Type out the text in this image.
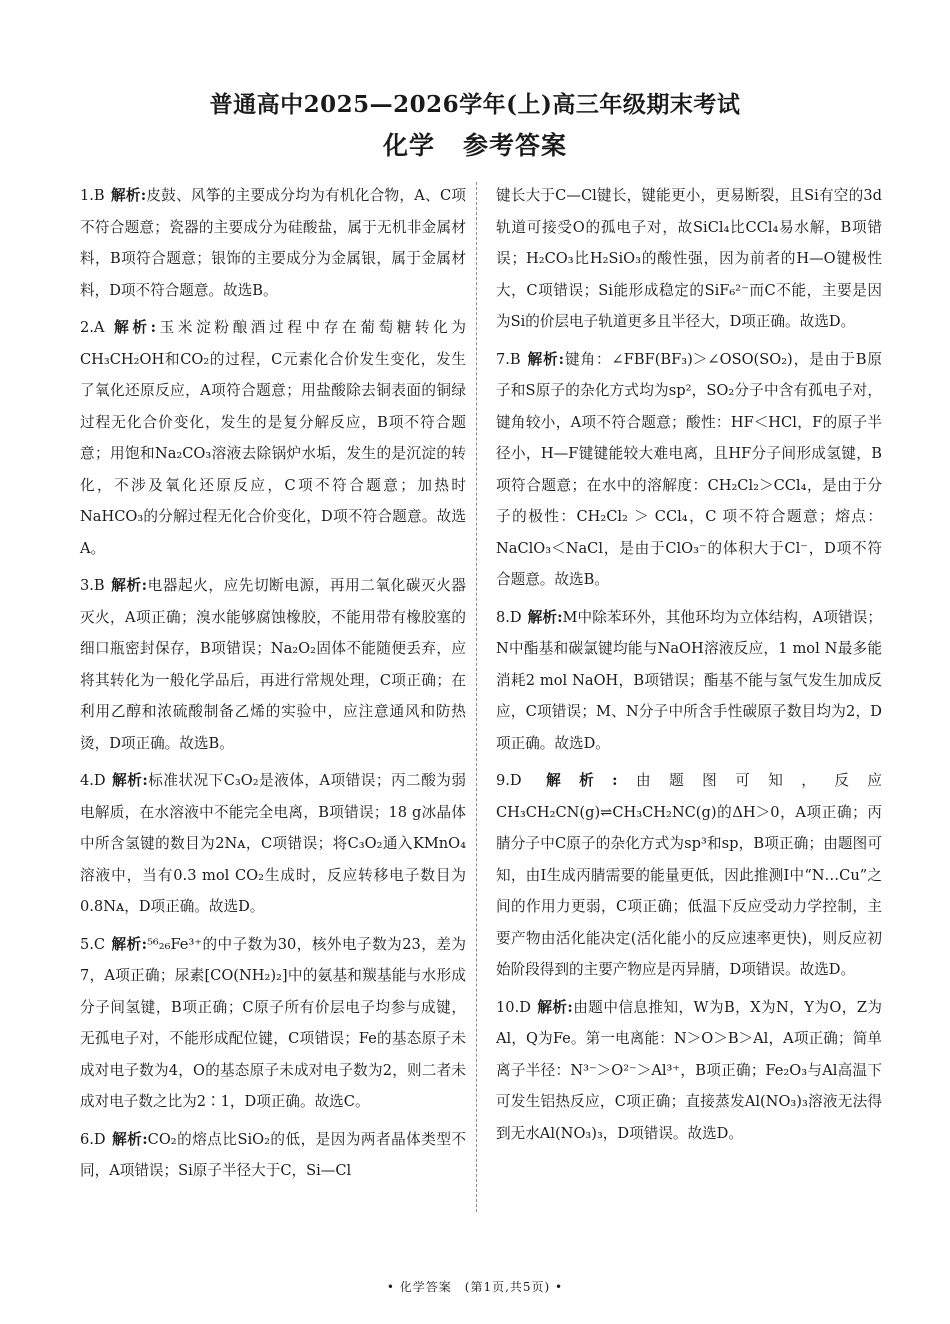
普通高中2025—2026学年(上)高三年级期末考试
化学 参考答案

1.B 解析:皮鼓、风筝的主要成分均为有机化合物，A、C项不符合题意；瓷器的主要成分为硅酸盐，属于无机非金属材料，B项符合题意；银饰的主要成分为金属银，属于金属材料，D项不符合题意。故选B。

2.A 解析:玉米淀粉酿酒过程中存在葡萄糖转化为CH₃CH₂OH和CO₂的过程，C元素化合价发生变化，发生了氧化还原反应，A项符合题意；用盐酸除去铜表面的铜绿过程无化合价变化，发生的是复分解反应，B项不符合题意；用饱和Na₂CO₃溶液去除锅炉水垢，发生的是沉淀的转化，不涉及氧化还原反应，C项不符合题意；加热时NaHCO₃的分解过程无化合价变化，D项不符合题意。故选A。

3.B 解析:电器起火，应先切断电源，再用二氧化碳灭火器灭火，A项正确；溴水能够腐蚀橡胶，不能用带有橡胶塞的细口瓶密封保存，B项错误；Na₂O₂固体不能随便丢弃，应将其转化为一般化学品后，再进行常规处理，C项正确；在利用乙醇和浓硫酸制备乙烯的实验中，应注意通风和防热烫，D项正确。故选B。

4.D 解析:标准状况下C₃O₂是液体，A项错误；丙二酸为弱电解质，在水溶液中不能完全电离，B项错误；18 g冰晶体中所含氢键的数目为2Nᴀ，C项错误；将C₃O₂通入KMnO₄溶液中，当有0.3 mol CO₂生成时，反应转移电子数目为0.8Nᴀ，D项正确。故选D。

5.C 解析:⁵⁶₂₆Fe³⁺的中子数为30，核外电子数为23，差为7，A项正确；尿素[CO(NH₂)₂]中的氨基和羰基能与水形成分子间氢键，B项正确；C原子所有价层电子均参与成键，无孤电子对，不能形成配位键，C项错误；Fe的基态原子未成对电子数为4，O的基态原子未成对电子数为2，则二者未成对电子数之比为2∶1，D项正确。故选C。

6.D 解析:CO₂的熔点比SiO₂的低，是因为两者晶体类型不同，A项错误；Si原子半径大于C，Si—Cl

键长大于C—Cl键长，键能更小，更易断裂，且Si有空的3d轨道可接受O的孤电子对，故SiCl₄比CCl₄易水解，B项错误；H₂CO₃比H₂SiO₃的酸性强，因为前者的H—O键极性大，C项错误；Si能形成稳定的SiF₆²⁻而C不能，主要是因为Si的价层电子轨道更多且半径大，D项正确。故选D。

7.B 解析:键角：∠FBF(BF₃)＞∠OSO(SO₂)，是由于B原子和S原子的杂化方式均为sp²，SO₂分子中含有孤电子对，键角较小，A项不符合题意；酸性：HF＜HCl，F的原子半径小，H—F键键能较大难电离，且HF分子间形成氢键，B项符合题意；在水中的溶解度：CH₂Cl₂＞CCl₄，是由于分子的极性：CH₂Cl₂ ＞ CCl₄，C 项不符合题意；熔点：NaClO₃＜NaCl，是由于ClO₃⁻的体积大于Cl⁻，D项不符合题意。故选B。

8.D 解析:M中除苯环外，其他环均为立体结构，A项错误；N中酯基和碳氯键均能与NaOH溶液反应，1 mol N最多能消耗2 mol NaOH，B项错误；酯基不能与氢气发生加成反应，C项错误；M、N分子中所含手性碳原子数目均为2，D项正确。故选D。

9.D 解析:由题图可知，反应CH₃CH₂CN(g)⇌CH₃CH₂NC(g)的ΔH＞0，A项正确；丙腈分子中C原子的杂化方式为sp³和sp，B项正确；由题图可知，由Ⅰ生成丙腈需要的能量更低，因此推测Ⅰ中“N…Cu”之间的作用力更弱，C项正确；低温下反应受动力学控制，主要产物由活化能决定(活化能小的反应速率更快)，则反应初始阶段得到的主要产物应是丙异腈，D项错误。故选D。

10.D 解析:由题中信息推知，W为B，X为N，Y为O，Z为Al，Q为Fe。第一电离能：N＞O＞B＞Al，A项正确；简单离子半径：N³⁻＞O²⁻＞Al³⁺，B项正确；Fe₂O₃与Al高温下可发生铝热反应，C项正确；直接蒸发Al(NO₃)₃溶液无法得到无水Al(NO₃)₃，D项错误。故选D。

• 化学答案　(第1页,共5页) •
